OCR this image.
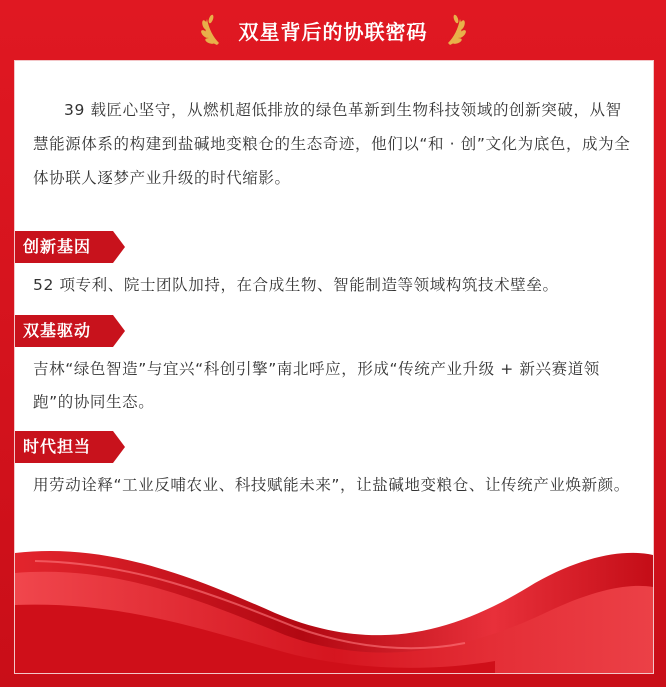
双星背后的协联密码

39 载匠心坚守，从燃机超低排放的绿色革新到生物科技领域的创新突破，从智慧能源体系的构建到盐碱地变粮仓的生态奇迹，他们以“和 · 创”文化为底色，成为全体协联人逐梦产业升级的时代缩影。

创新基因

52 项专利、院士团队加持，在合成生物、智能制造等领域构筑技术壁垒。

双基驱动

吉林“绿色智造”与宜兴“科创引擎”南北呼应，形成“传统产业升级 + 新兴赛道领跑”的协同生态。

时代担当

用劳动诠释“工业反哺农业、科技赋能未来”，让盐碱地变粮仓、让传统产业焕新颜。
